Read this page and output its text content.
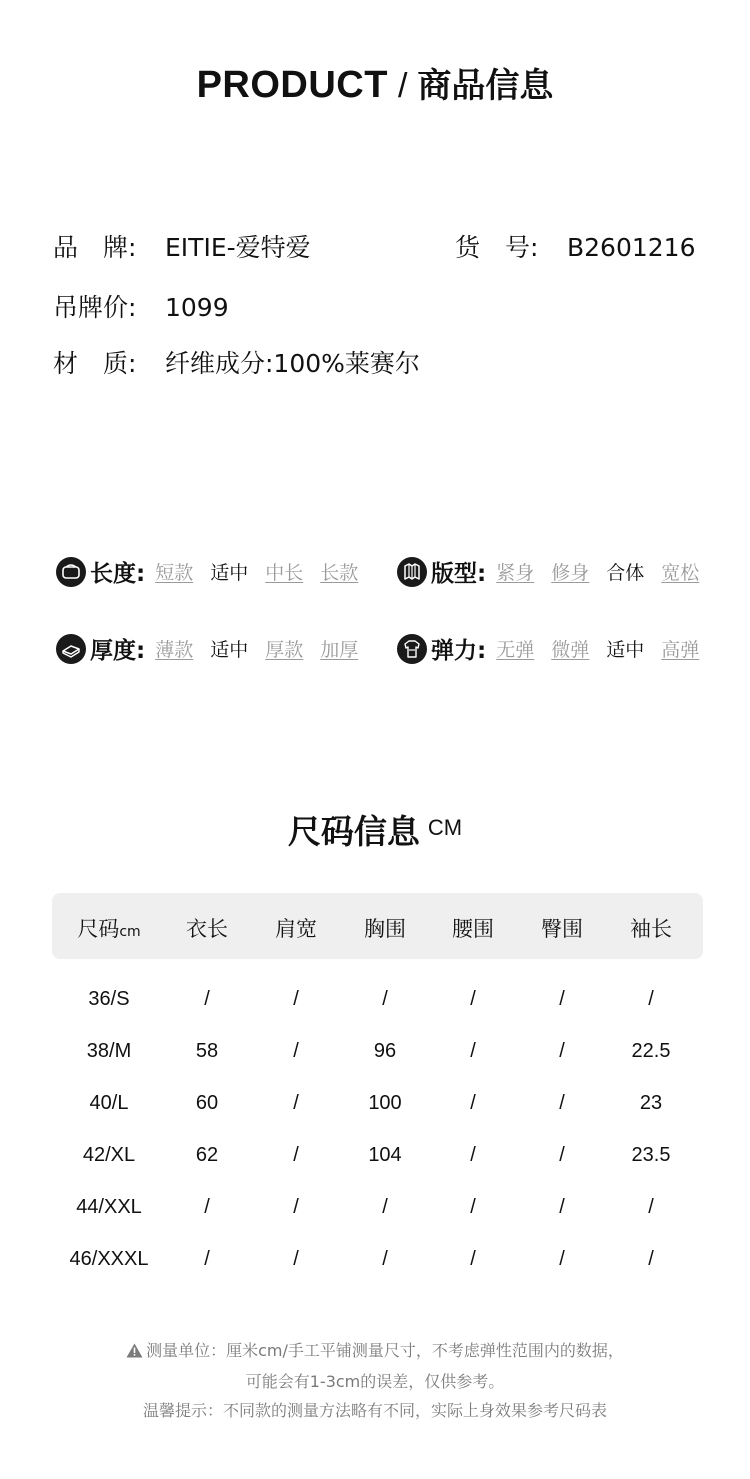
PRODUCT / 商品信息
品　牌: EITIE-爱特爱	货　号: B2601216
吊牌价: 1099
材　质: 纤维成分:100%莱赛尔
长度: 短款 适中 中长 长款	版型: 紧身 修身 合体 宽松
厚度: 薄款 适中 厚款 加厚	弹力: 无弹 微弹 适中 高弹
尺码信息 CM
尺码cm	衣长	肩宽	胸围	腰围	臀围	袖长
36/S	/	/	/	/	/	/
38/M	58	/	96	/	/	22.5
40/L	60	/	100	/	/	23
42/XL	62	/	104	/	/	23.5
44/XXL	/	/	/	/	/	/
46/XXXL	/	/	/	/	/	/
测量单位：厘米cm/手工平铺测量尺寸，不考虑弹性范围内的数据，
可能会有1-3cm的误差，仅供参考。
温馨提示：不同款的测量方法略有不同，实际上身效果参考尺码表
